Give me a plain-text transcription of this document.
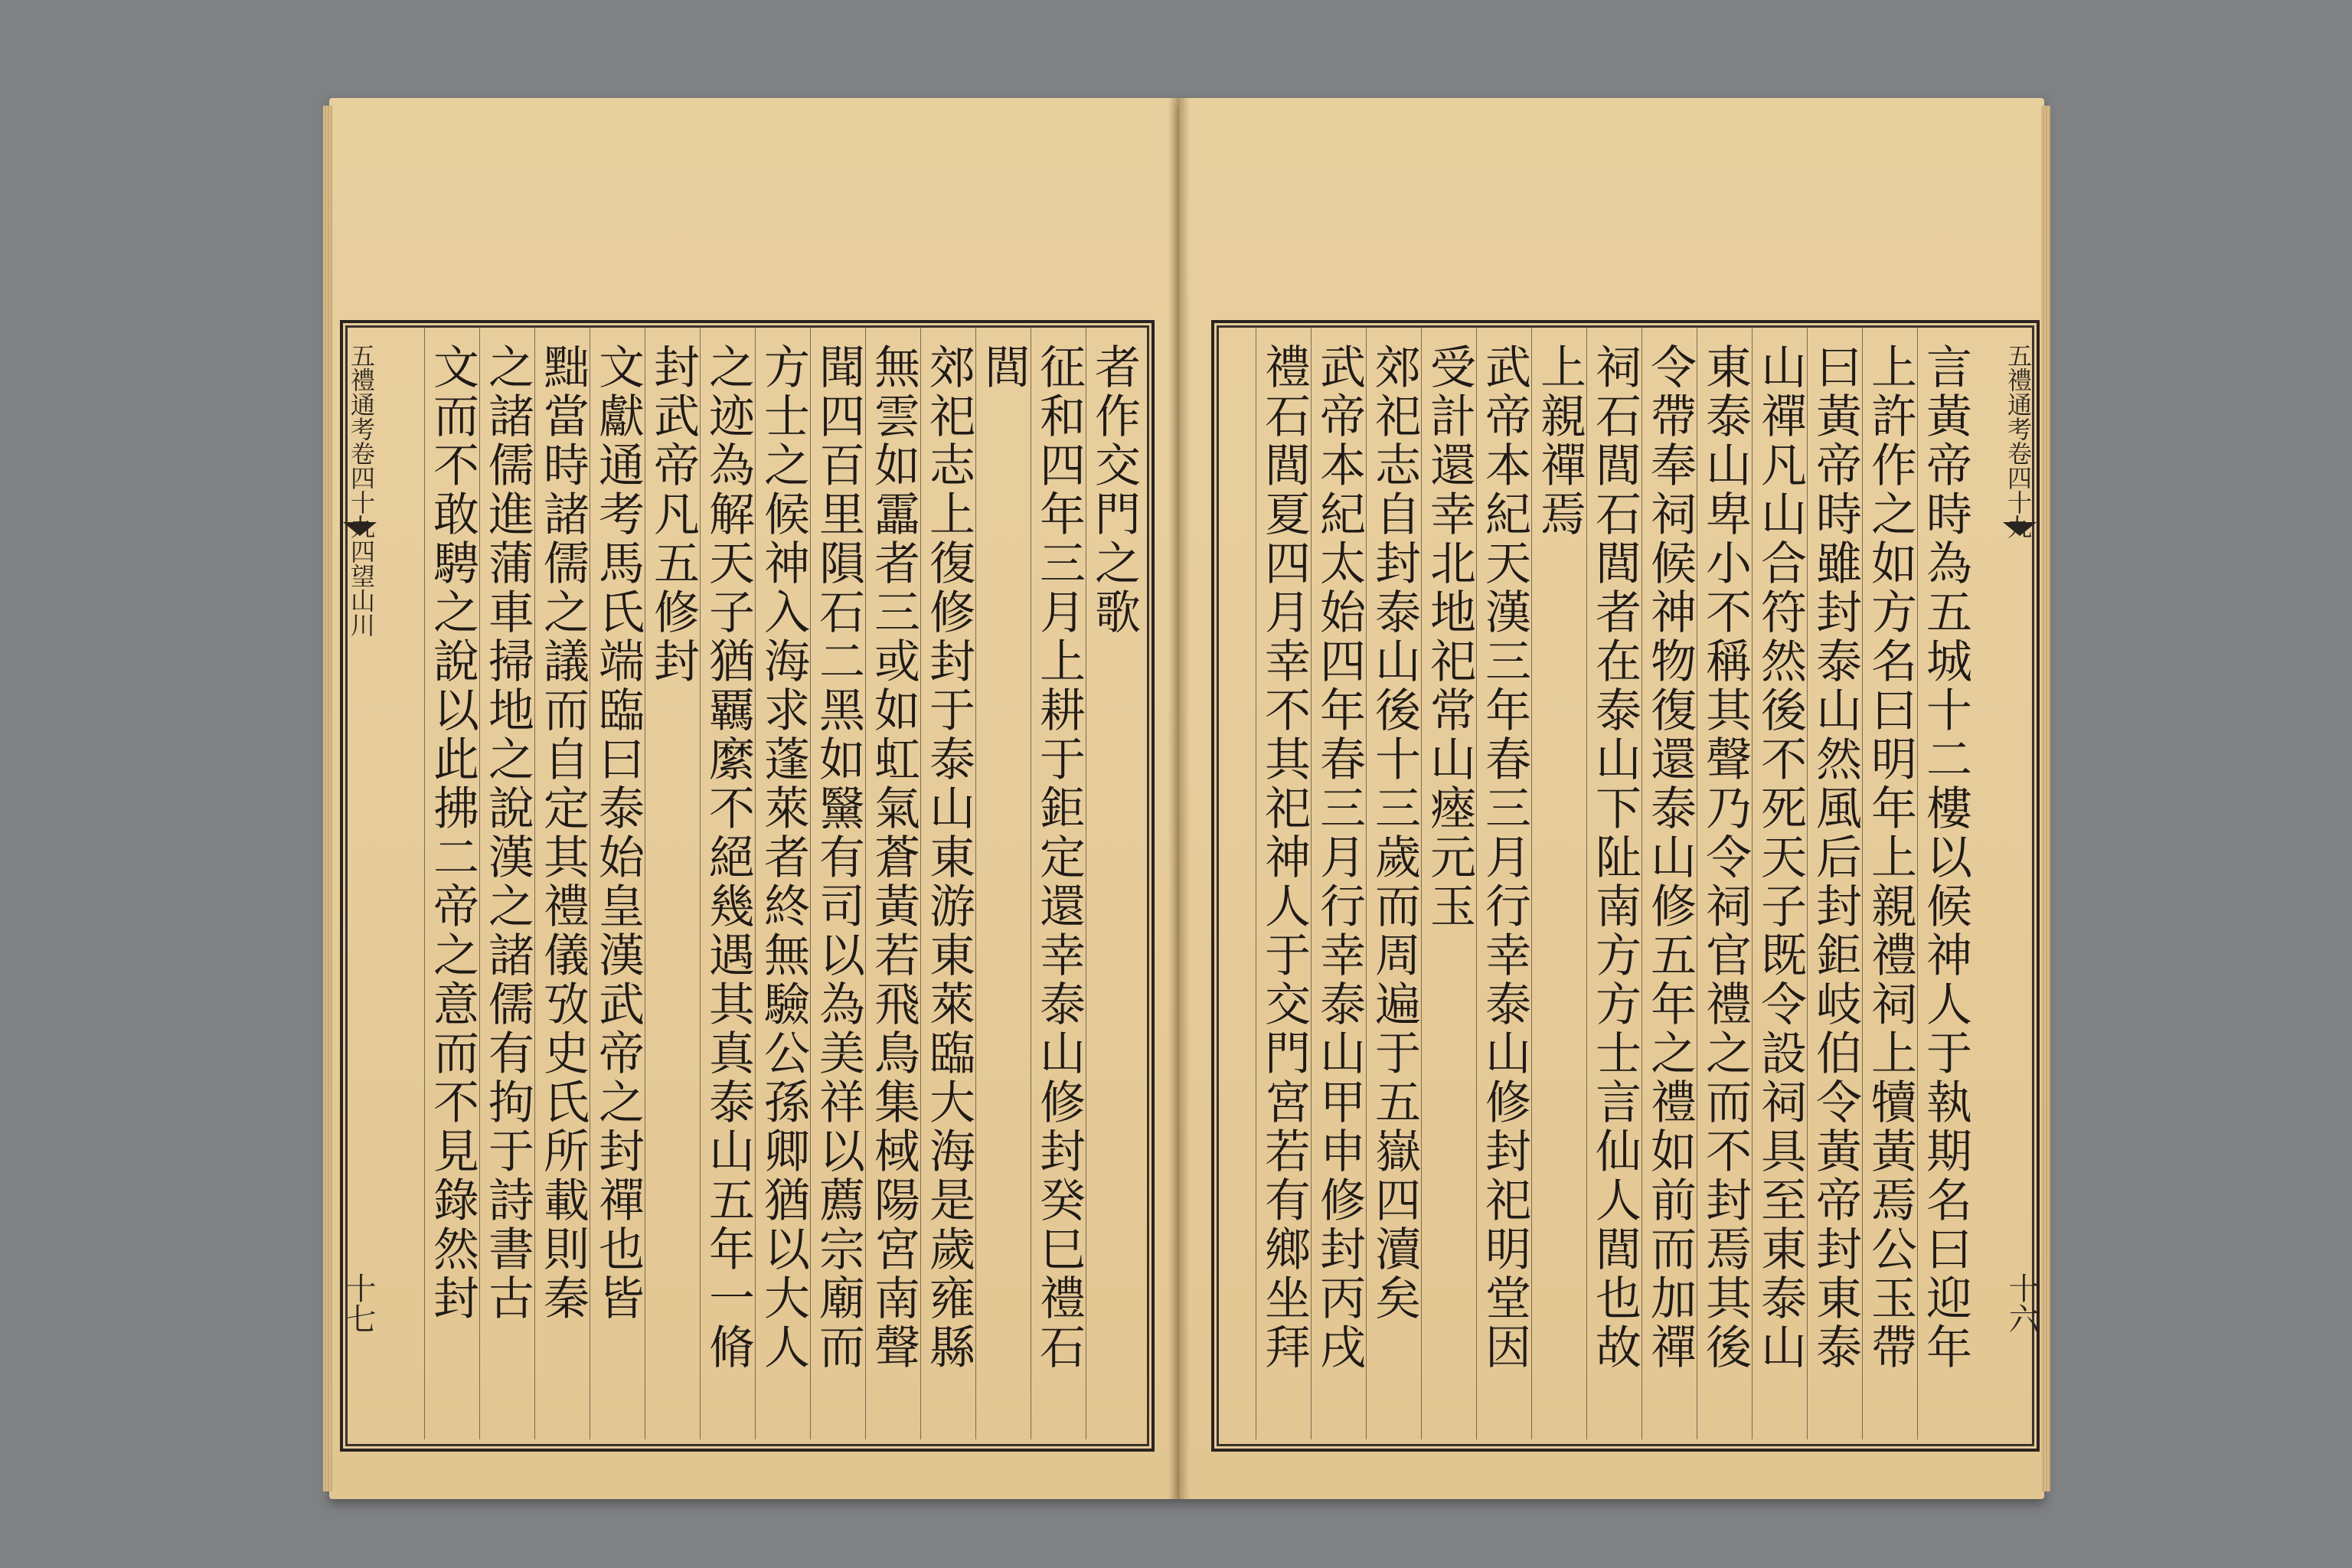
五禮通考卷四十九四望山川
十七
者作交門之歌
征和四年三月上耕于鉅定還幸泰山修封癸巳禮石
閭
郊祀志上復修封于泰山東游東萊臨大海是歲雍縣
無雲如靁者三或如虹氣蒼黃若飛鳥集棫陽宮南聲
聞四百里隕石二黑如黳有司以為美祥以薦宗廟而
方士之候神入海求蓬萊者終無驗公孫卿猶以大人
之迹為解天子猶覊縻不絕幾遇其真泰山五年一脩
封武帝凡五修封
文獻通考馬氏端臨曰泰始皇漢武帝之封禪也皆
黜當時諸儒之議而自定其禮儀攷史氏所載則秦
之諸儒進蒲車掃地之說漢之諸儒有拘于詩書古
文而不敢騁之說以此拂二帝之意而不見錄然封	五禮通考卷四十九
十六
言黃帝時為五城十二樓以候神人于執期名曰迎年
上許作之如方名曰明年上親禮祠上犢黃焉公玉帶
曰黃帝時雖封泰山然風后封鉅岐伯令黃帝封東泰
山禪凡山合符然後不死天子既令設祠具至東泰山
東泰山卑小不稱其聲乃令祠官禮之而不封焉其後
令帶奉祠候神物復還泰山修五年之禮如前而加禪
祠石閭石閭者在泰山下阯南方方士言仙人閭也故
上親禪焉
武帝本紀天漢三年春三月行幸泰山修封祀明堂因
受計還幸北地祀常山瘞元玉
郊祀志自封泰山後十三歲而周遍于五嶽四瀆矣
武帝本紀太始四年春三月行幸泰山甲申修封丙戌
禮石閭夏四月幸不其祀神人于交門宮若有鄉坐拜
